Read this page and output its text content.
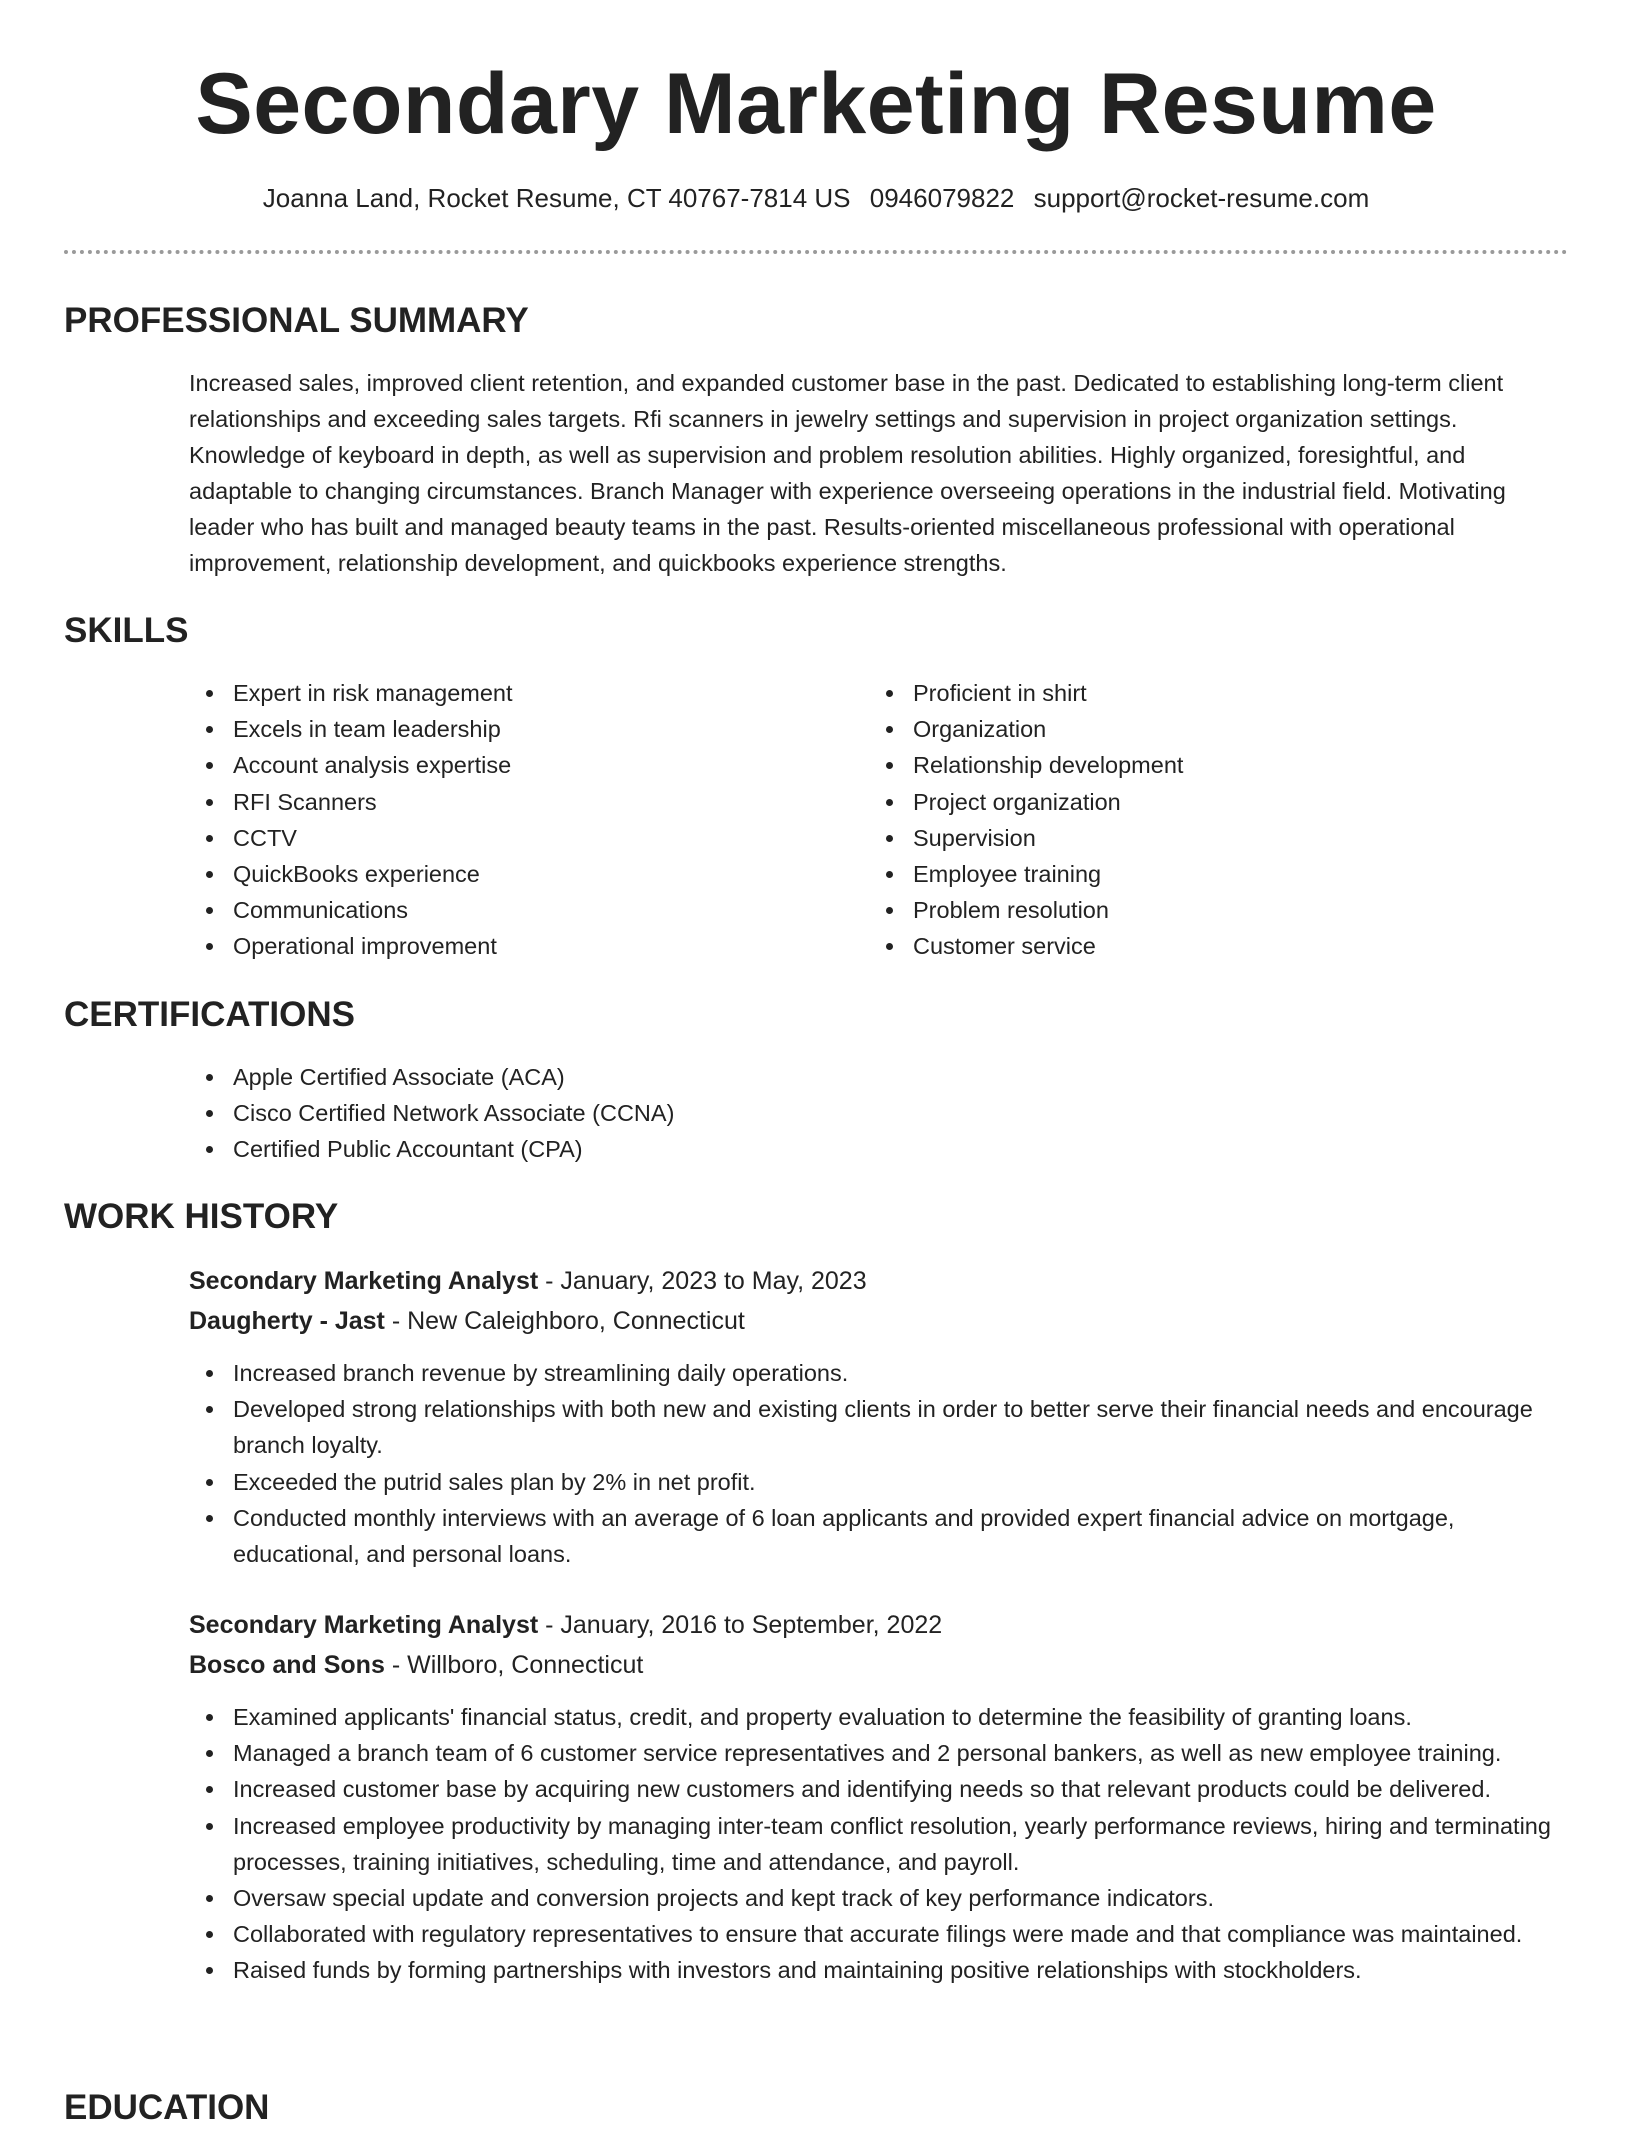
Secondary Marketing Resume
Joanna Land, Rocket Resume, CT 40767-7814 US 0946079822 support@rocket-resume.com
PROFESSIONAL SUMMARY
Increased sales, improved client retention, and expanded customer base in the past. Dedicated to establishing long-term client relationships and exceeding sales targets. Rfi scanners in jewelry settings and supervision in project organization settings. Knowledge of keyboard in depth, as well as supervision and problem resolution abilities. Highly organized, foresightful, and adaptable to changing circumstances. Branch Manager with experience overseeing operations in the industrial field. Motivating leader who has built and managed beauty teams in the past. Results-oriented miscellaneous professional with operational improvement, relationship development, and quickbooks experience strengths.
SKILLS
Expert in risk management
Excels in team leadership
Account analysis expertise
RFI Scanners
CCTV
QuickBooks experience
Communications
Operational improvement
Proficient in shirt
Organization
Relationship development
Project organization
Supervision
Employee training
Problem resolution
Customer service
CERTIFICATIONS
Apple Certified Associate (ACA)
Cisco Certified Network Associate (CCNA)
Certified Public Accountant (CPA)
WORK HISTORY
Secondary Marketing Analyst - January, 2023 to May, 2023
Daugherty - Jast - New Caleighboro, Connecticut
Increased branch revenue by streamlining daily operations.
Developed strong relationships with both new and existing clients in order to better serve their financial needs and encourage branch loyalty.
Exceeded the putrid sales plan by 2% in net profit.
Conducted monthly interviews with an average of 6 loan applicants and provided expert financial advice on mortgage, educational, and personal loans.
Secondary Marketing Analyst - January, 2016 to September, 2022
Bosco and Sons - Willboro, Connecticut
Examined applicants' financial status, credit, and property evaluation to determine the feasibility of granting loans.
Managed a branch team of 6 customer service representatives and 2 personal bankers, as well as new employee training.
Increased customer base by acquiring new customers and identifying needs so that relevant products could be delivered.
Increased employee productivity by managing inter-team conflict resolution, yearly performance reviews, hiring and terminating processes, training initiatives, scheduling, time and attendance, and payroll.
Oversaw special update and conversion projects and kept track of key performance indicators.
Collaborated with regulatory representatives to ensure that accurate filings were made and that compliance was maintained.
Raised funds by forming partnerships with investors and maintaining positive relationships with stockholders.
EDUCATION
